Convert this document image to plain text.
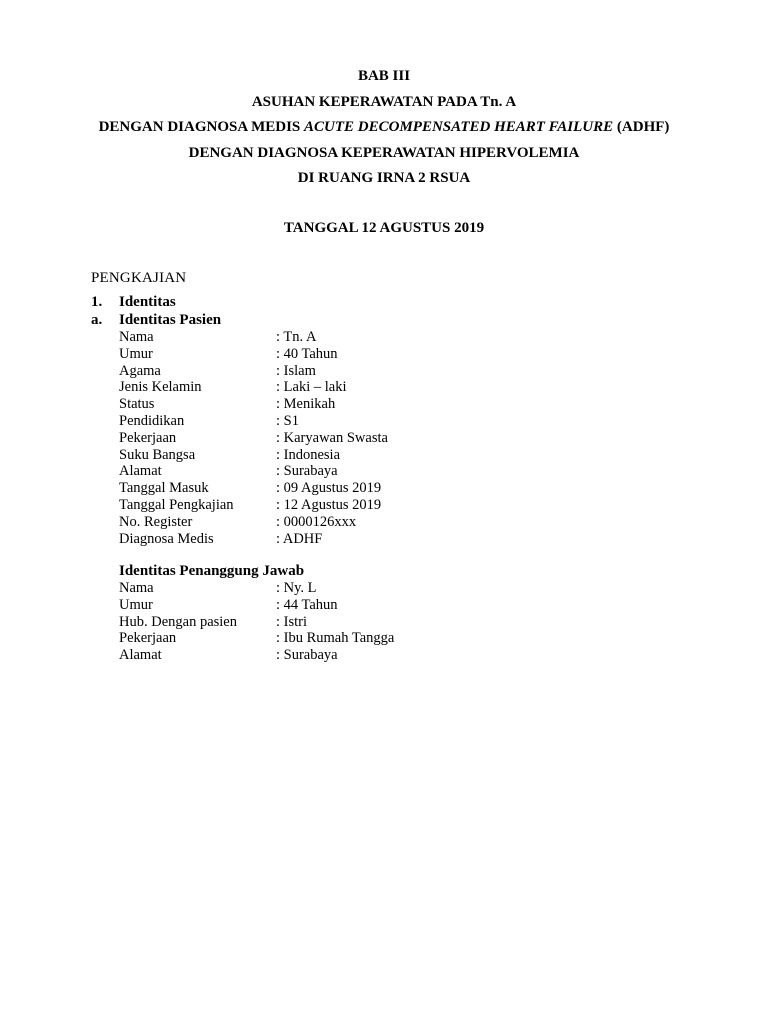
BAB III
ASUHAN KEPERAWATAN PADA Tn. A
DENGAN DIAGNOSA MEDIS ACUTE DECOMPENSATED HEART FAILURE (ADHF)
DENGAN DIAGNOSA KEPERAWATAN HIPERVOLEMIA
DI RUANG IRNA 2 RSUA
TANGGAL 12 AGUSTUS 2019
PENGKAJIAN
1. Identitas
a. Identitas Pasien
Nama	: Tn. A
Umur	: 40 Tahun
Agama	: Islam
Jenis Kelamin	: Laki – laki
Status	: Menikah
Pendidikan	: S1
Pekerjaan	: Karyawan Swasta
Suku Bangsa	: Indonesia
Alamat	: Surabaya
Tanggal Masuk	: 09 Agustus 2019
Tanggal Pengkajian	: 12 Agustus 2019
No. Register	: 0000126xxx
Diagnosa Medis	: ADHF
Identitas Penanggung Jawab
Nama	: Ny. L
Umur	: 44 Tahun
Hub. Dengan pasien	: Istri
Pekerjaan	: Ibu Rumah Tangga
Alamat	: Surabaya
